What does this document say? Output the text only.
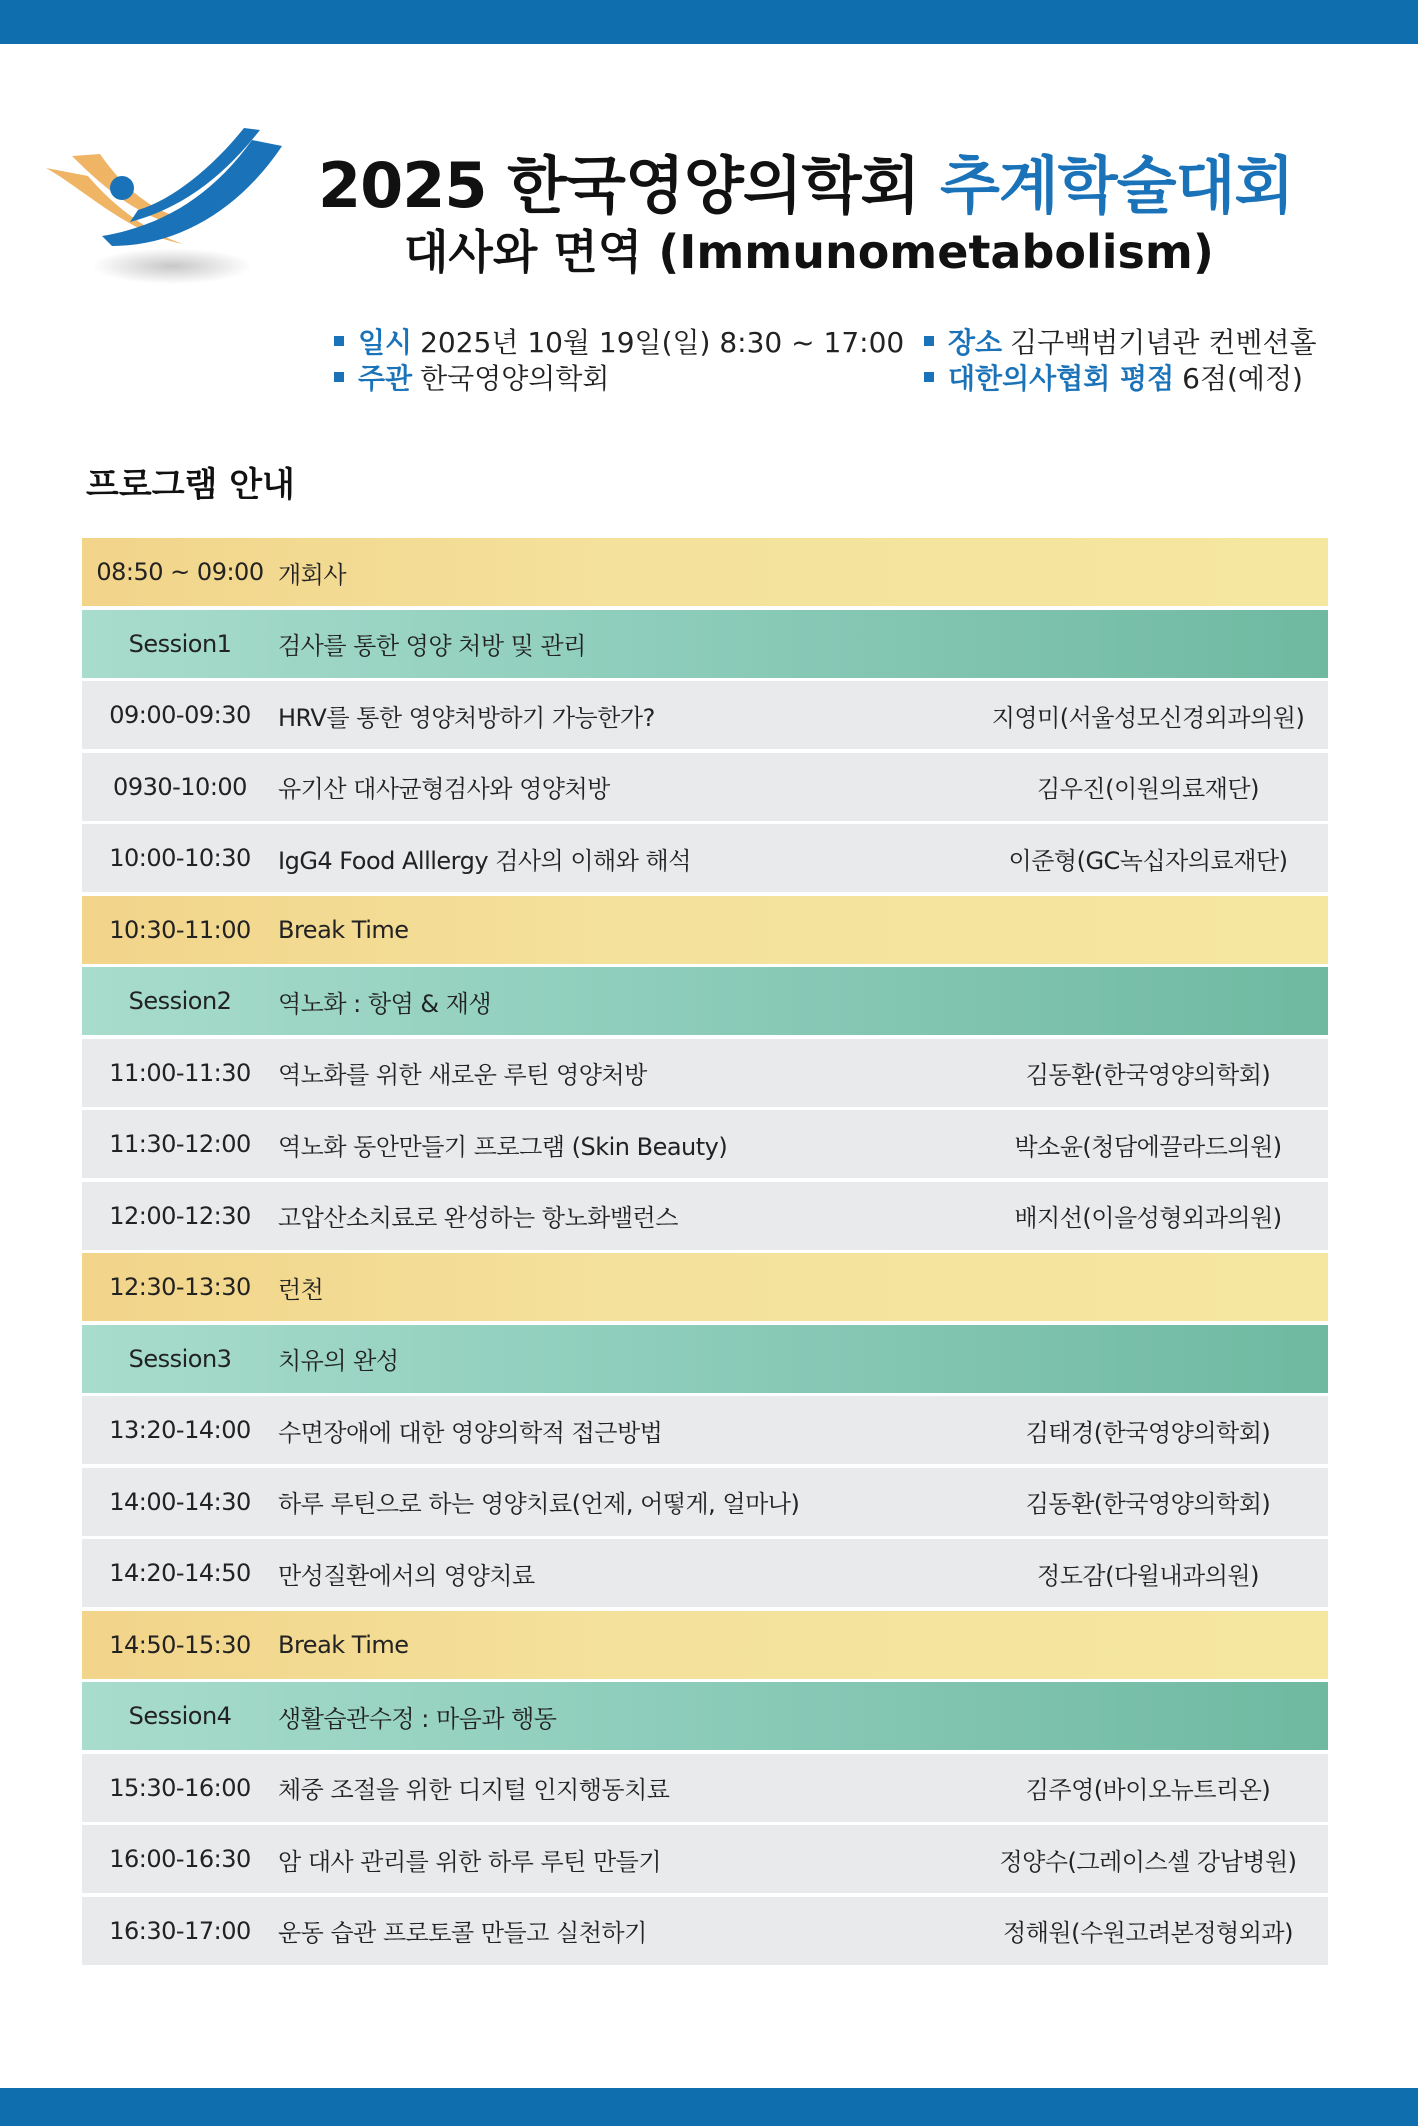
2025 한국영양의학회 추계학술대회
대사와 면역 (Immunometabolism)
일시 2025년 10월 19일(일) 8:30 ~ 17:00	장소 김구백범기념관 컨벤션홀
주관 한국영양의학회	대한의사협회 평점 6점(예정)
프로그램 안내
08:50 ~ 09:00 개회사
Session1	검사를 통한 영양 처방 및 관리
09:00-09:30	HRV를 통한 영양처방하기 가능한가?	지영미(서울성모신경외과의원)
0930-10:00	유기산 대사균형검사와 영양처방	김우진(이원의료재단)
10:00-10:30	IgG4 Food Alllergy 검사의 이해와 해석	이준형(GC녹십자의료재단)
10:30-11:00	Break Time
Session2	역노화 : 항염 & 재생
11:00-11:30	역노화를 위한 새로운 루틴 영양처방	김동환(한국영양의학회)
11:30-12:00	역노화 동안만들기 프로그램 (Skin Beauty)	박소윤(청담에끌라드의원)
12:00-12:30	고압산소치료로 완성하는 항노화밸런스	배지선(이을성형외과의원)
12:30-13:30	런천
Session3	치유의 완성
13:20-14:00	수면장애에 대한 영양의학적 접근방법	김태경(한국영양의학회)
14:00-14:30	하루 루틴으로 하는 영양치료(언제, 어떻게, 얼마나)	김동환(한국영양의학회)
14:20-14:50	만성질환에서의 영양치료	정도감(다윌내과의원)
14:50-15:30	Break Time
Session4	생활습관수정 : 마음과 행동
15:30-16:00	체중 조절을 위한 디지털 인지행동치료	김주영(바이오뉴트리온)
16:00-16:30	암 대사 관리를 위한 하루 루틴 만들기	정양수(그레이스셀 강남병원)
16:30-17:00	운동 습관 프로토콜 만들고 실천하기	정해원(수원고려본정형외과)
